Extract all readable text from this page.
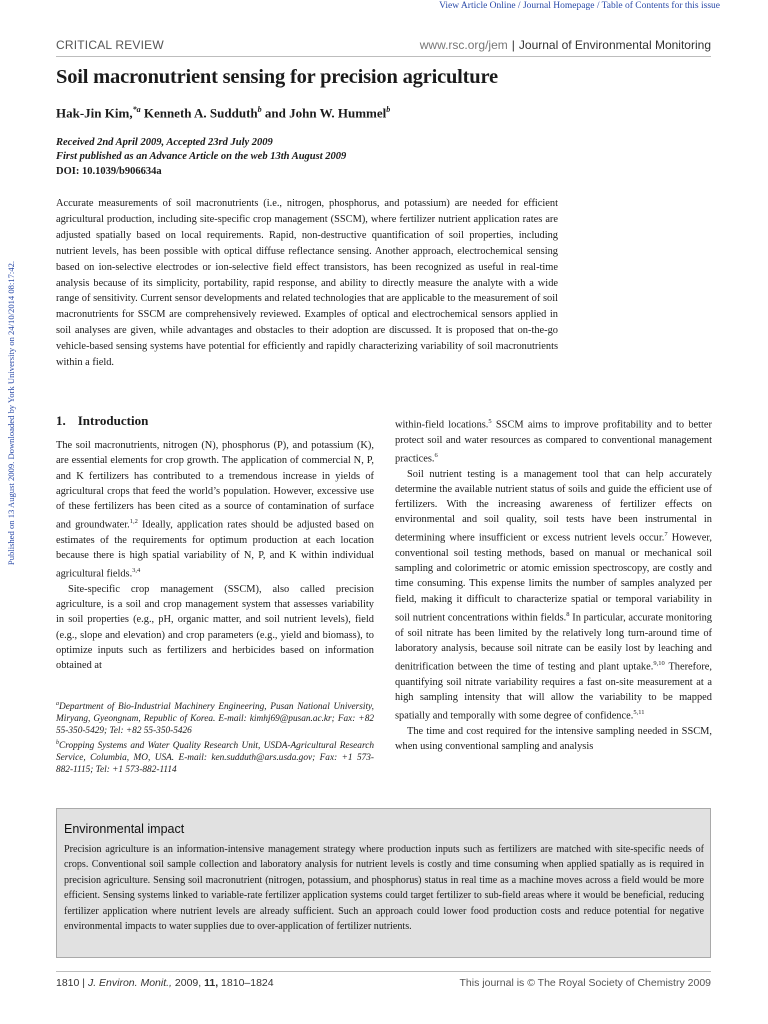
View Article Online / Journal Homepage / Table of Contents for this issue
CRITICAL REVIEW	www.rsc.org/jem | Journal of Environmental Monitoring
Published on 13 August 2009. Downloaded by York University on 24/10/2014 08:17:42.
Soil macronutrient sensing for precision agriculture
Hak-Jin Kim,$^{*a}$ Kenneth A. Sudduth$^b$ and John W. Hummel$^b$
Received 2nd April 2009, Accepted 23rd July 2009
First published as an Advance Article on the web 13th August 2009
DOI: 10.1039/b906634a

Accurate measurements of soil macronutrients (i.e., nitrogen, phosphorus, and potassium) are needed for efficient agricultural production, including site-specific crop management (SSCM), where fertilizer nutrient application rates are adjusted spatially based on local requirements. Rapid, non-destructive quantification of soil properties, including nutrient levels, has been possible with optical diffuse reflectance sensing. Another approach, electrochemical sensing based on ion-selective electrodes or ion-selective field effect transistors, has been recognized as useful in real-time analysis because of its simplicity, portability, rapid response, and ability to directly measure the analyte with a wide range of sensitivity. Current sensor developments and related technologies that are applicable to the measurement of soil macronutrients for SSCM are comprehensively reviewed. Examples of optical and electrochemical sensors applied in soil analyses are given, while advantages and obstacles to their adoption are discussed. It is proposed that on-the-go vehicle-based sensing systems have potential for efficiently and rapidly characterizing variability of soil macronutrients within a field.

1. Introduction

The soil macronutrients, nitrogen (N), phosphorus (P), and potassium (K), are essential elements for crop growth. The application of commercial N, P, and K fertilizers has contributed to a tremendous increase in yields of agricultural crops that feed the world’s population. However, excessive use of these fertilizers has been cited as a source of contamination of surface and groundwater.$^{1,2}$ Ideally, application rates should be adjusted based on estimates of the requirements for optimum production at each location because there is high spatial variability of N, P, and K within individual agricultural fields.$^{3,4}$

Site-specific crop management (SSCM), also called precision agriculture, is a soil and crop management system that assesses variability in soil properties (e.g., pH, organic matter, and soil nutrient levels), field (e.g., slope and elevation) and crop parameters (e.g., yield and biomass), to optimize inputs such as fertilizers and herbicides based on information obtained at

$^a$Department of Bio-Industrial Machinery Engineering, Pusan National University, Miryang, Gyeongnam, Republic of Korea. E-mail: kimhj69@pusan.ac.kr; Fax: +82 55-350-5429; Tel: +82 55-350-5426

$^b$Cropping Systems and Water Quality Research Unit, USDA-Agricultural Research Service, Columbia, MO, USA. E-mail: ken.sudduth@ars.usda.gov; Fax: +1 573-882-1115; Tel: +1 573-882-1114

within-field locations.$^5$ SSCM aims to improve profitability and to better protect soil and water resources as compared to conventional management practices.$^6$

Soil nutrient testing is a management tool that can help accurately determine the available nutrient status of soils and guide the efficient use of fertilizers. With the increasing awareness of fertilizer effects on environmental and soil quality, soil tests have been instrumental in determining where insufficient or excess nutrient levels occur.$^7$ However, conventional soil testing methods, based on manual or mechanical soil sampling and colorimetric or atomic emission spectroscopy, are costly and time consuming. This expense limits the number of samples analyzed per field, making it difficult to characterize spatial or temporal variability in soil nutrient concentrations within fields.$^8$ In particular, accurate monitoring of soil nitrate has been limited by the relatively long turn-around time of laboratory analysis, because soil nitrate can be easily lost by leaching and denitrification between the time of testing and plant uptake.$^{9,10}$ Therefore, quantifying soil nitrate variability requires a fast on-site measurement at a high sampling intensity that will allow the variability to be mapped spatially and temporally with some degree of confidence.$^{5,11}$

The time and cost required for the intensive sampling needed in SSCM, when using conventional sampling and analysis

Environmental impact

Precision agriculture is an information-intensive management strategy where production inputs such as fertilizers are matched with site-specific needs of crops. Conventional soil sample collection and laboratory analysis for nutrient levels is costly and time consuming when applied spatially as is required in precision agriculture. Sensing soil macronutrient (nitrogen, potassium, and phosphorus) status in real time as a machine moves across a field would be more efficient. Sensing systems linked to variable-rate fertilizer application systems could target fertilizer to sub-field areas where it would be beneficial, reducing fertilizer application where nutrient levels are already sufficient. Such an approach could lower food production costs and reduce potential for negative environmental impacts to water supplies due to over-application of fertilizer nutrients.

1810 | J. Environ. Monit., 2009, 11, 1810–1824	This journal is © The Royal Society of Chemistry 2009
